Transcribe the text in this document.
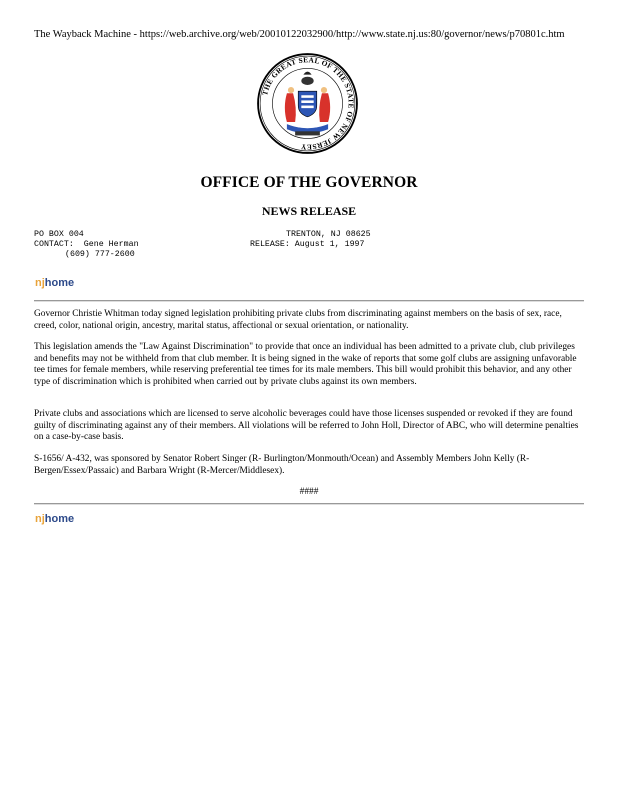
The Wayback Machine - https://web.archive.org/web/20010122032900/http://www.state.nj.us:80/governor/news/p70801c.htm
THE GREAT SEAL OF THE STATE OF NEW JERSEY
OFFICE OF THE GOVERNOR
NEWS RELEASE
PO BOX 004	TRENTON, NJ 08625
CONTACT:  Gene Herman	RELEASE: August 1, 1997
(609) 777-2600
njhome
Governor Christie Whitman today signed legislation prohibiting private clubs from discriminating against members on the basis of sex, race, creed, color, national origin, ancestry, marital status, affectional or sexual orientation, or nationality.
This legislation amends the "Law Against Discrimination" to provide that once an individual has been admitted to a private club, club privileges and benefits may not be withheld from that club member. It is being signed in the wake of reports that some golf clubs are assigning unfavorable tee times for female members, while reserving preferential tee times for its male members. This bill would prohibit this behavior, and any other type of discrimination which is prohibited when carried out by private clubs against its own members.
Private clubs and associations which are licensed to serve alcoholic beverages could have those licenses suspended or revoked if they are found guilty of discriminating against any of their members. All violations will be referred to John Holl, Director of ABC, who will determine penalties on a case-by-case basis.
S-1656/ A-432, was sponsored by Senator Robert Singer (R- Burlington/Monmouth/Ocean) and Assembly Members John Kelly (R-Bergen/Essex/Passaic) and Barbara Wright (R-Mercer/Middlesex).
####
njhome
